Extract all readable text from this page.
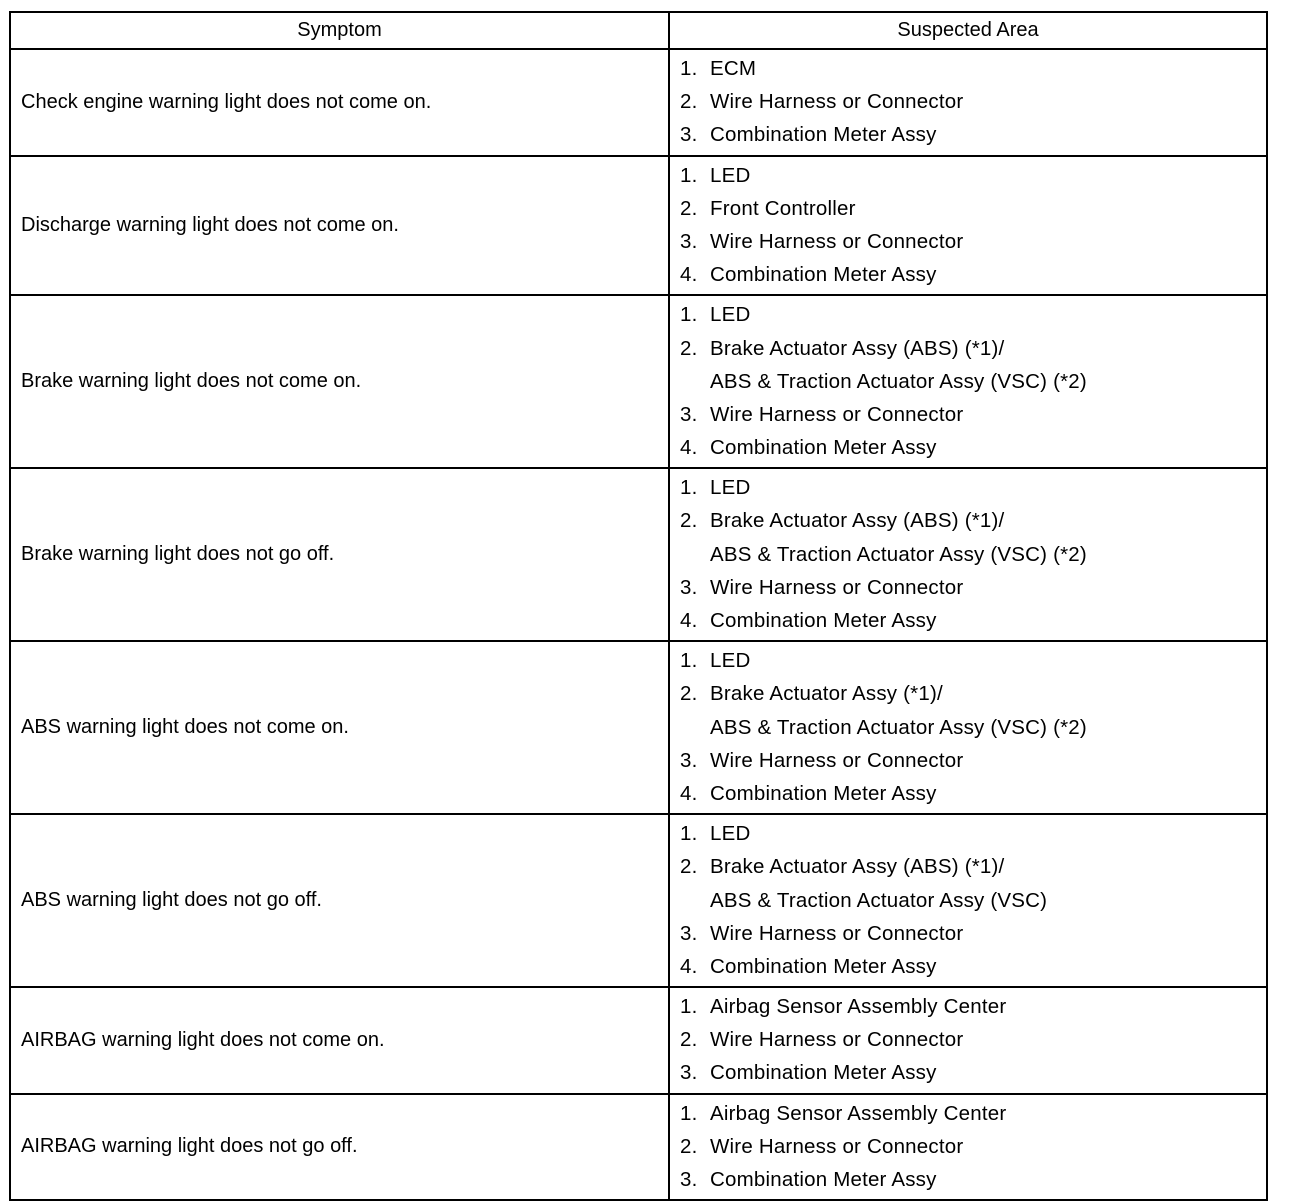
Symptom	Suspected Area
Check engine warning light does not come on.
1. ECM
2. Wire Harness or Connector
3. Combination Meter Assy
Discharge warning light does not come on.
1. LED
2. Front Controller
3. Wire Harness or Connector
4. Combination Meter Assy
Brake warning light does not come on.
1. LED
2. Brake Actuator Assy (ABS) (*1)/
ABS & Traction Actuator Assy (VSC) (*2)
3. Wire Harness or Connector
4. Combination Meter Assy
Brake warning light does not go off.
1. LED
2. Brake Actuator Assy (ABS) (*1)/
ABS & Traction Actuator Assy (VSC) (*2)
3. Wire Harness or Connector
4. Combination Meter Assy
ABS warning light does not come on.
1. LED
2. Brake Actuator Assy (*1)/
ABS & Traction Actuator Assy (VSC) (*2)
3. Wire Harness or Connector
4. Combination Meter Assy
ABS warning light does not go off.
1. LED
2. Brake Actuator Assy (ABS) (*1)/
ABS & Traction Actuator Assy (VSC)
3. Wire Harness or Connector
4. Combination Meter Assy
AIRBAG warning light does not come on.
1. Airbag Sensor Assembly Center
2. Wire Harness or Connector
3. Combination Meter Assy
AIRBAG warning light does not go off.
1. Airbag Sensor Assembly Center
2. Wire Harness or Connector
3. Combination Meter Assy
